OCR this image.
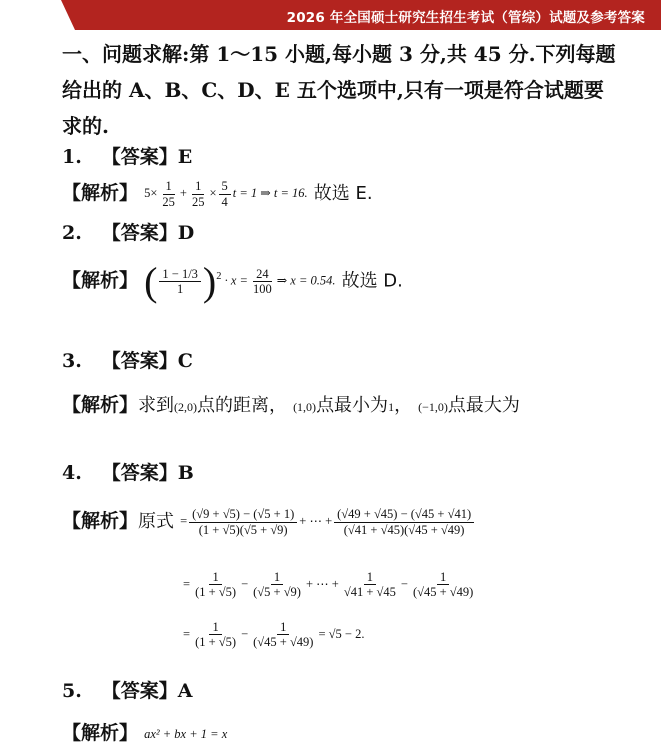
2026 年全国硕士研究生招生考试（管综）试题及参考答案
一、问题求解:第 1～15 小题,每小题 3 分,共 45 分.下列每题给出的 A、B、C、D、E 五个选项中,只有一项是符合试题要求的.
1. 【答案】E
【解析】 $5\times \frac{1}{25} + \frac{1}{25} \times \frac{5}{4}$ t = 1 ⇒ t = 16. 故选 E.
2. 【答案】D
【解析】 ( $\frac{1 - 1/3}{1} )^2 \cdot x = \frac{24}{100}$ ⇒ x = 0.54. 故选 D.
3. 【答案】C
【解析】求到(2,0)点的距离， (1,0)点最小为1， (−1,0)点最大为
4. 【答案】B
【解析】原式 = $\frac{(√9 + √5) - (√5 + 1)}{(1 + √5)(√5 + √9)}$ + ⋯ + $\frac{(√49 + √45) - (√45 + √41)}{(√41 + √45)(√45 + √49)}$
= $\frac{1}{(1 + √5)} - \frac{1}{(√5 + √9)}$ + ⋯ + $\frac{1}{√41 + √45} - \frac{1}{(√45 + √49)}$
= $\frac{1}{(1 + √5)} - \frac{1}{(√45 + √49)} = √5 - 2$.
5. 【答案】A
【解析】 ax² + bx + 1 = x
